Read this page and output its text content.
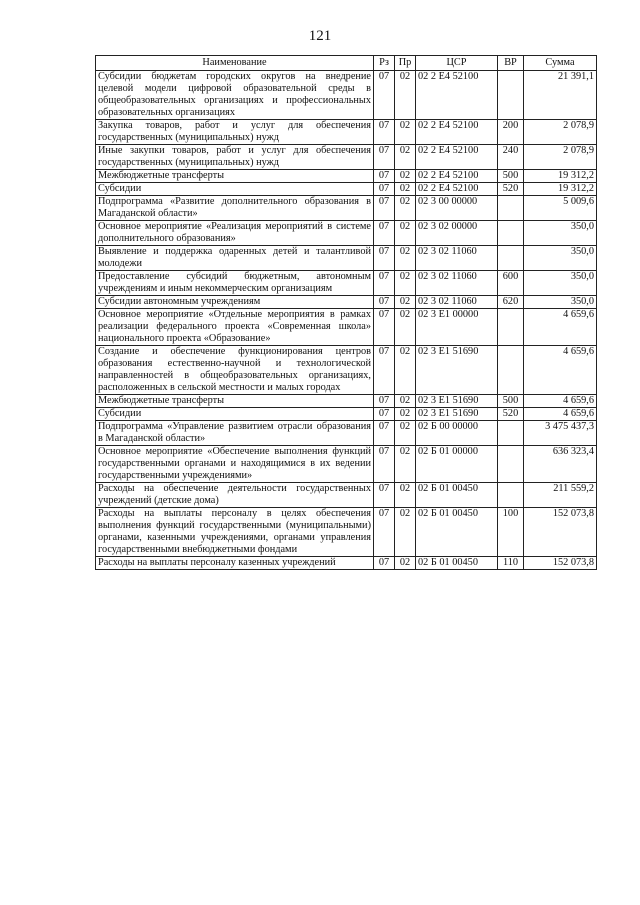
121
Наименование	Рз	Пр	ЦСР	ВР	Сумма
Субсидии бюджетам городских округов на внедрение целевой модели цифровой образовательной среды в общеобразовательных организациях и профессиональных образовательных организациях	07	02	02 2 Е4 52100		21 391,1
Закупка товаров, работ и услуг для обеспечения государственных (муниципальных) нужд	07	02	02 2 Е4 52100	200	2 078,9
Иные закупки товаров, работ и услуг для обеспечения государственных (муниципальных) нужд	07	02	02 2 Е4 52100	240	2 078,9
Межбюджетные трансферты	07	02	02 2 Е4 52100	500	19 312,2
Субсидии	07	02	02 2 Е4 52100	520	19 312,2
Подпрограмма «Развитие дополнительного образования в Магаданской области»	07	02	02 3 00 00000		5 009,6
Основное мероприятие «Реализация мероприятий в системе дополнительного образования»	07	02	02 3 02 00000		350,0
Выявление и поддержка одаренных детей и талантливой молодежи	07	02	02 3 02 11060		350,0
Предоставление субсидий бюджетным, автономным учреждениям и иным некоммерческим организациям	07	02	02 3 02 11060	600	350,0
Субсидии автономным учреждениям	07	02	02 3 02 11060	620	350,0
Основное мероприятие «Отдельные мероприятия в рамках реализации федерального проекта «Современная школа» национального проекта «Образование»	07	02	02 3 Е1 00000		4 659,6
Создание и обеспечение функционирования центров образования естественно-научной и технологической направленностей в общеобразовательных организациях, расположенных в сельской местности и малых городах	07	02	02 3 Е1 51690		4 659,6
Межбюджетные трансферты	07	02	02 3 Е1 51690	500	4 659,6
Субсидии	07	02	02 3 Е1 51690	520	4 659,6
Подпрограмма «Управление развитием отрасли образования в Магаданской области»	07	02	02 Б 00 00000		3 475 437,3
Основное мероприятие «Обеспечение выполнения функций государственными органами и находящимися в их ведении государственными учреждениями»	07	02	02 Б 01 00000		636 323,4
Расходы на обеспечение деятельности государственных учреждений (детские дома)	07	02	02 Б 01 00450		211 559,2
Расходы на выплаты персоналу в целях обеспечения выполнения функций государственными (муниципальными) органами, казенными учреждениями, органами управления государственными внебюджетными фондами	07	02	02 Б 01 00450	100	152 073,8
Расходы на выплаты персоналу казенных учреждений	07	02	02 Б 01 00450	110	152 073,8
